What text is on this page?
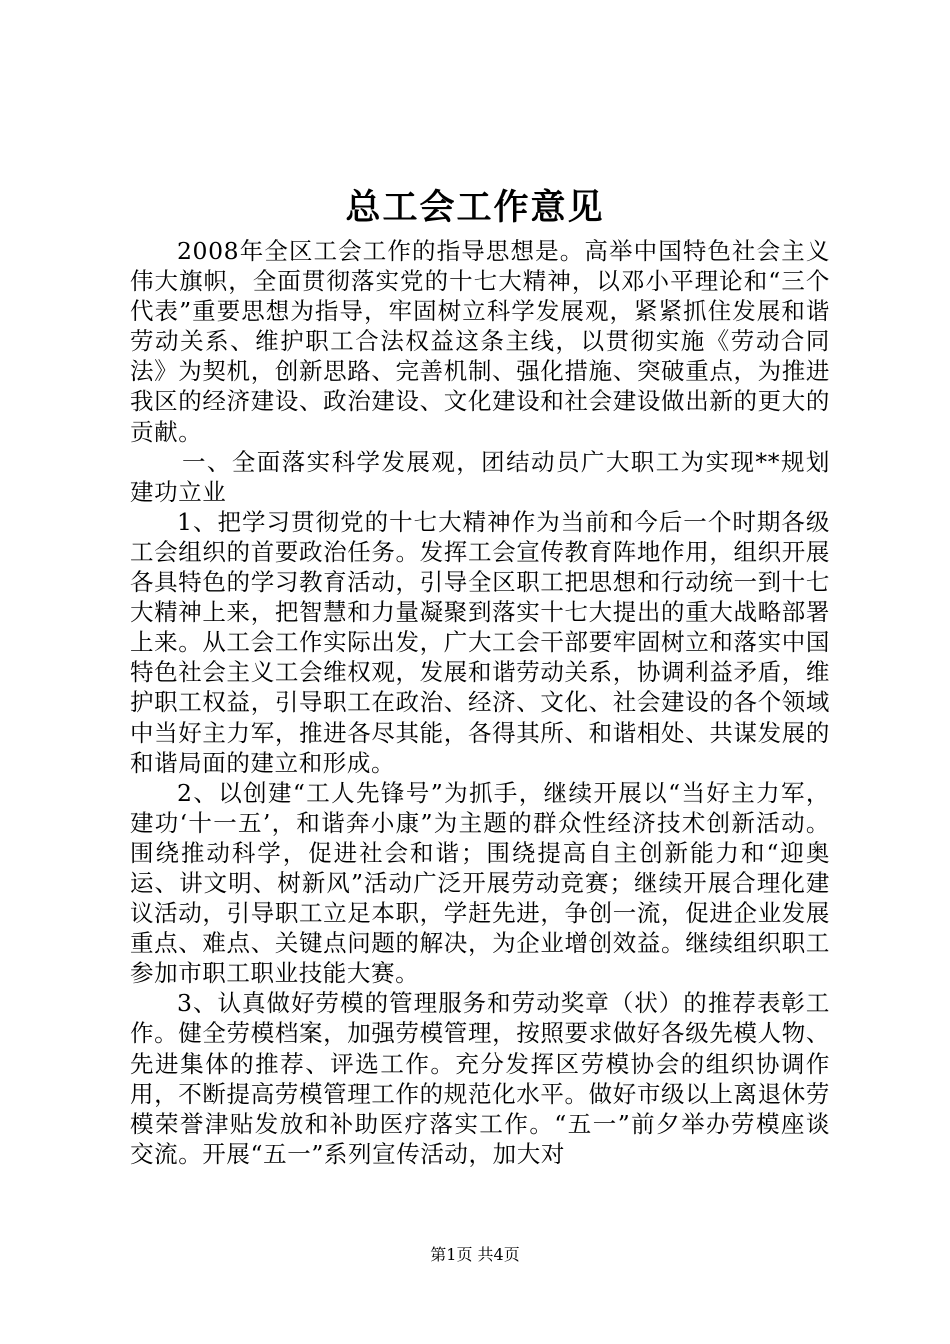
总工会工作意见

2008年全区工会工作的指导思想是。高举中国特色社会主义伟大旗帜，全面贯彻落实党的十七大精神，以邓小平理论和“三个代表”重要思想为指导，牢固树立科学发展观，紧紧抓住发展和谐劳动关系、维护职工合法权益这条主线，以贯彻实施《劳动合同法》为契机，创新思路、完善机制、强化措施、突破重点，为推进我区的经济建设、政治建设、文化建设和社会建设做出新的更大的贡献。

一、全面落实科学发展观，团结动员广大职工为实现**规划建功立业

1、把学习贯彻党的十七大精神作为当前和今后一个时期各级工会组织的首要政治任务。发挥工会宣传教育阵地作用，组织开展各具特色的学习教育活动，引导全区职工把思想和行动统一到十七大精神上来，把智慧和力量凝聚到落实十七大提出的重大战略部署上来。从工会工作实际出发，广大工会干部要牢固树立和落实中国特色社会主义工会维权观，发展和谐劳动关系，协调利益矛盾，维护职工权益，引导职工在政治、经济、文化、社会建设的各个领域中当好主力军，推进各尽其能，各得其所、和谐相处、共谋发展的和谐局面的建立和形成。

2、以创建“工人先锋号”为抓手，继续开展以“当好主力军，建功‘十一五’，和谐奔小康”为主题的群众性经济技术创新活动。围绕推动科学，促进社会和谐；围绕提高自主创新能力和“迎奥运、讲文明、树新风”活动广泛开展劳动竞赛；继续开展合理化建议活动，引导职工立足本职，学赶先进，争创一流，促进企业发展重点、难点、关键点问题的解决，为企业增创效益。继续组织职工参加市职工职业技能大赛。

3、认真做好劳模的管理服务和劳动奖章（状）的推荐表彰工作。健全劳模档案，加强劳模管理，按照要求做好各级先模人物、先进集体的推荐、评选工作。充分发挥区劳模协会的组织协调作用，不断提高劳模管理工作的规范化水平。做好市级以上离退休劳模荣誉津贴发放和补助医疗落实工作。“五一”前夕举办劳模座谈交流。开展“五一”系列宣传活动，加大对

第1页 共4页
